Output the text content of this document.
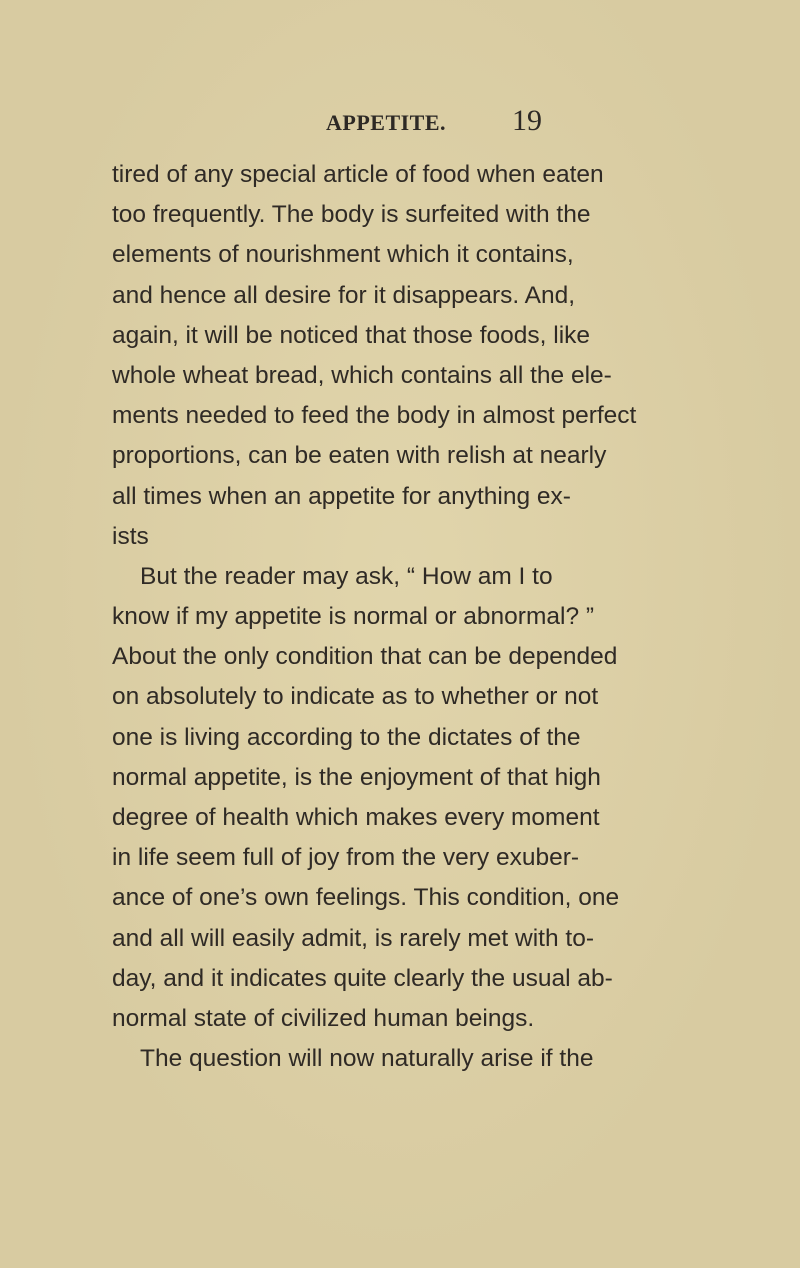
APPETITE. 19
tired of any special article of food when eaten
too frequently. The body is surfeited with the
elements of nourishment which it contains,
and hence all desire for it disappears. And,
again, it will be noticed that those foods, like
whole wheat bread, which contains all the ele-
ments needed to feed the body in almost perfect
proportions, can be eaten with relish at nearly
all times when an appetite for anything ex-
ists
But the reader may ask, “ How am I to
know if my appetite is normal or abnormal? ”
About the only condition that can be depended
on absolutely to indicate as to whether or not
one is living according to the dictates of the
normal appetite, is the enjoyment of that high
degree of health which makes every moment
in life seem full of joy from the very exuber-
ance of one’s own feelings. This condition, one
and all will easily admit, is rarely met with to-
day, and it indicates quite clearly the usual ab-
normal state of civilized human beings.
The question will now naturally arise if the
